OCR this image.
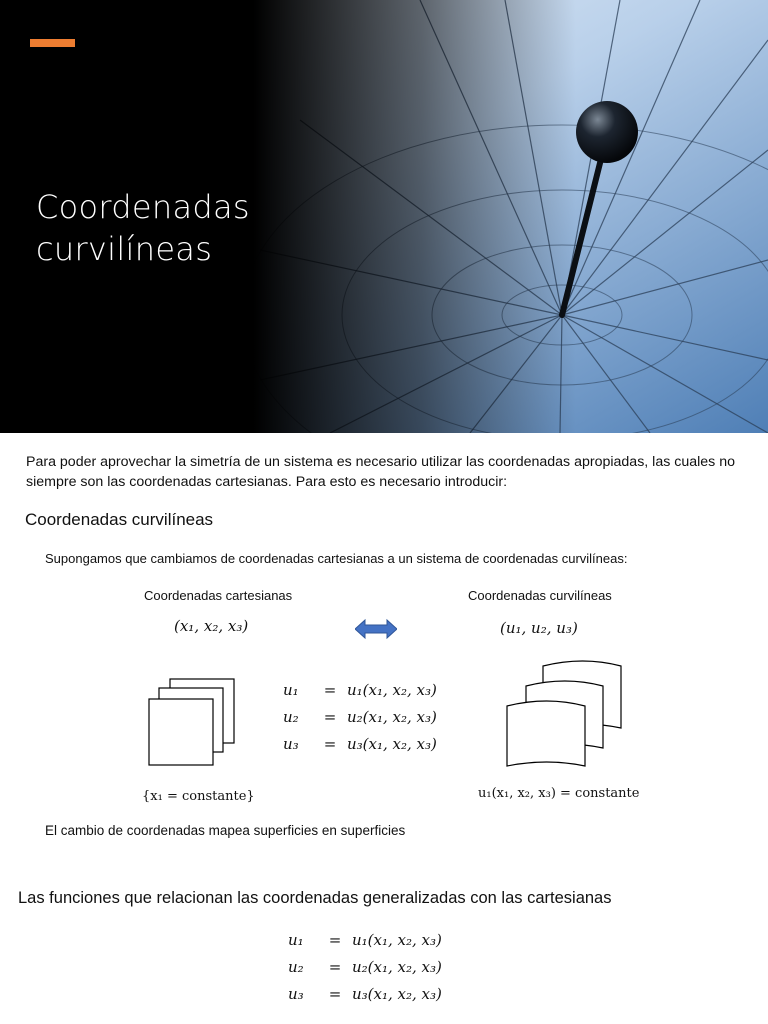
Coordenadas
curvilíneas
Para poder aprovechar la simetría de un sistema es necesario utilizar las coordenadas apropiadas, las cuales no siempre son las coordenadas cartesianas. Para esto es necesario introducir:
Coordenadas curvilíneas
Supongamos que cambiamos de coordenadas cartesianas a un sistema de coordenadas curvilíneas:
Coordenadas cartesianas	Coordenadas curvilíneas
(x₁, x₂, x₃)	(u₁, u₂, u₃)
u₁	= u₁(x₁, x₂, x₃)
u₂	= u₂(x₁, x₂, x₃)
u₃	= u₃(x₁, x₂, x₃)
{x₁ = constante}	u₁(x₁, x₂, x₃) = constante
El cambio de coordenadas mapea superficies en superficies
Las funciones que relacionan las coordenadas generalizadas con las cartesianas
u₁	= u₁(x₁, x₂, x₃)
u₂	= u₂(x₁, x₂, x₃)
u₃	= u₃(x₁, x₂, x₃)
